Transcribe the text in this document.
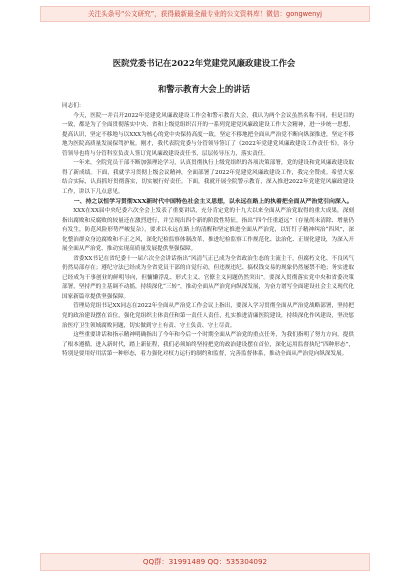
关注头条号“公文研究”，获得最新最全最专业的公文资料库！微信：gongwenyj
医院党委书记在2022年党建党风廉政建设工作会
和警示教育大会上的讲话

同志们：

今天，医院一并召开2022年党建党风廉政建设工作会和警示教育大会，我认为两个会议虽然名称不同，但是目的一致，都是为了全面贯彻落实中央、省和上级党组织召开的一系列党建党风廉政建设工作大会精神，进一步统一思想，提高认识，坚定不移地与以XXX为核心的党中央保持高度一致，坚定不移地把全面从严治党不断向纵深推进，坚定不移地为医院高质量发展保驾护航。刚才，我代表院党委与分管领导签订了《2022年党建党风廉政建设工作责任书》，各分管领导也将与分管科室负责人签订党风廉政建设责任书，层层传导压力，落实责任。

一年来，全院党员干部不断加强理论学习，认真贯彻执行上级党组织的各项决策部署，党的建设和党风廉政建设取得了新成绩。下面，我就学习贯彻上级会议精神，全面部署了2022年党建党风廉政建设工作，我完全赞成。希望大家结合实际，认真抓好贯彻落实，切实履行好责任。下面，我就开展全院警示教育，深入推进2022年党建党风廉政建设工作，讲以下几点意见。

一、持之以恒学习贯彻XXX新时代中国特色社会主义思想，以永远在路上的执着把全面从严治党引向深入。

XXX在XX届中央纪委六次全会上发表了重要讲话，充分肯定党的十九大以来全面从严治党取得的重大成果，深刻指出腐败和反腐败的较量还在激烈进行，并呈现出四个新的阶段性特征，指出“四个任重道远”（存量尚未清除、增量仍有发生，防范风险形势严峻复杂），要求以永远在路上的清醒和坚定推进全面从严治党，以钉钉子精神纠治“四风”，深化整治群众身边腐败和不正之风，深化纪检监察体制改革，推进纪检监察工作规范化、法治化、正规化建设，为深入开展全面从严治党、推动实现高质量发展提供坚强保障。

省委XX书记在省纪委十一届六次全会讲话指出“风清气正已成为全省政治生态的主流主干，但腐朽文化、不良风气仍然局部存在；遵纪守法已经成为全省党员干部的自觉行动，但违规违纪、搞权钱交易的现象仍然屡禁不绝；务实进取已经成为干事创业的鲜明导向，但慵懒浮乱、形式主义、官僚主义问题仍然突出”。要深入贯彻落实党中央和省委决策部署，坚持严的主基调不动摇，持续深化“三转”，推动全面从严治党向纵深发展，为奋力谱写全面建设社会主义现代化国家新篇章提供坚强保障。

管理局党组书记XX同志在2022年全面从严治党工作会议上指出，要深入学习贯彻全面从严治党战略部署，坚持把党的政治建设摆在首位，强化党组织主体责任和第一责任人责任，扎实推进清廉医院建设，持续深化作风建设，坚决惩治医疗卫生领域腐败问题，切实做到守土有责、守土负责、守土尽责。

这些重要讲话和指示精神明确指出了今年和今后一个时期全面从严治党的重点任务，为我们指明了努力方向，提供了根本遵循。进入新时代，踏上新征程，我们必须始终坚持把党的政治建设摆在首位，深化运用监督执纪“四种形态”，特别是要用好用活第一种形态，着力强化对权力运行的制约和监督，完善监督体系，推动全面从严治党向纵深发展。

QQ群：31991489 QQ：535304092
